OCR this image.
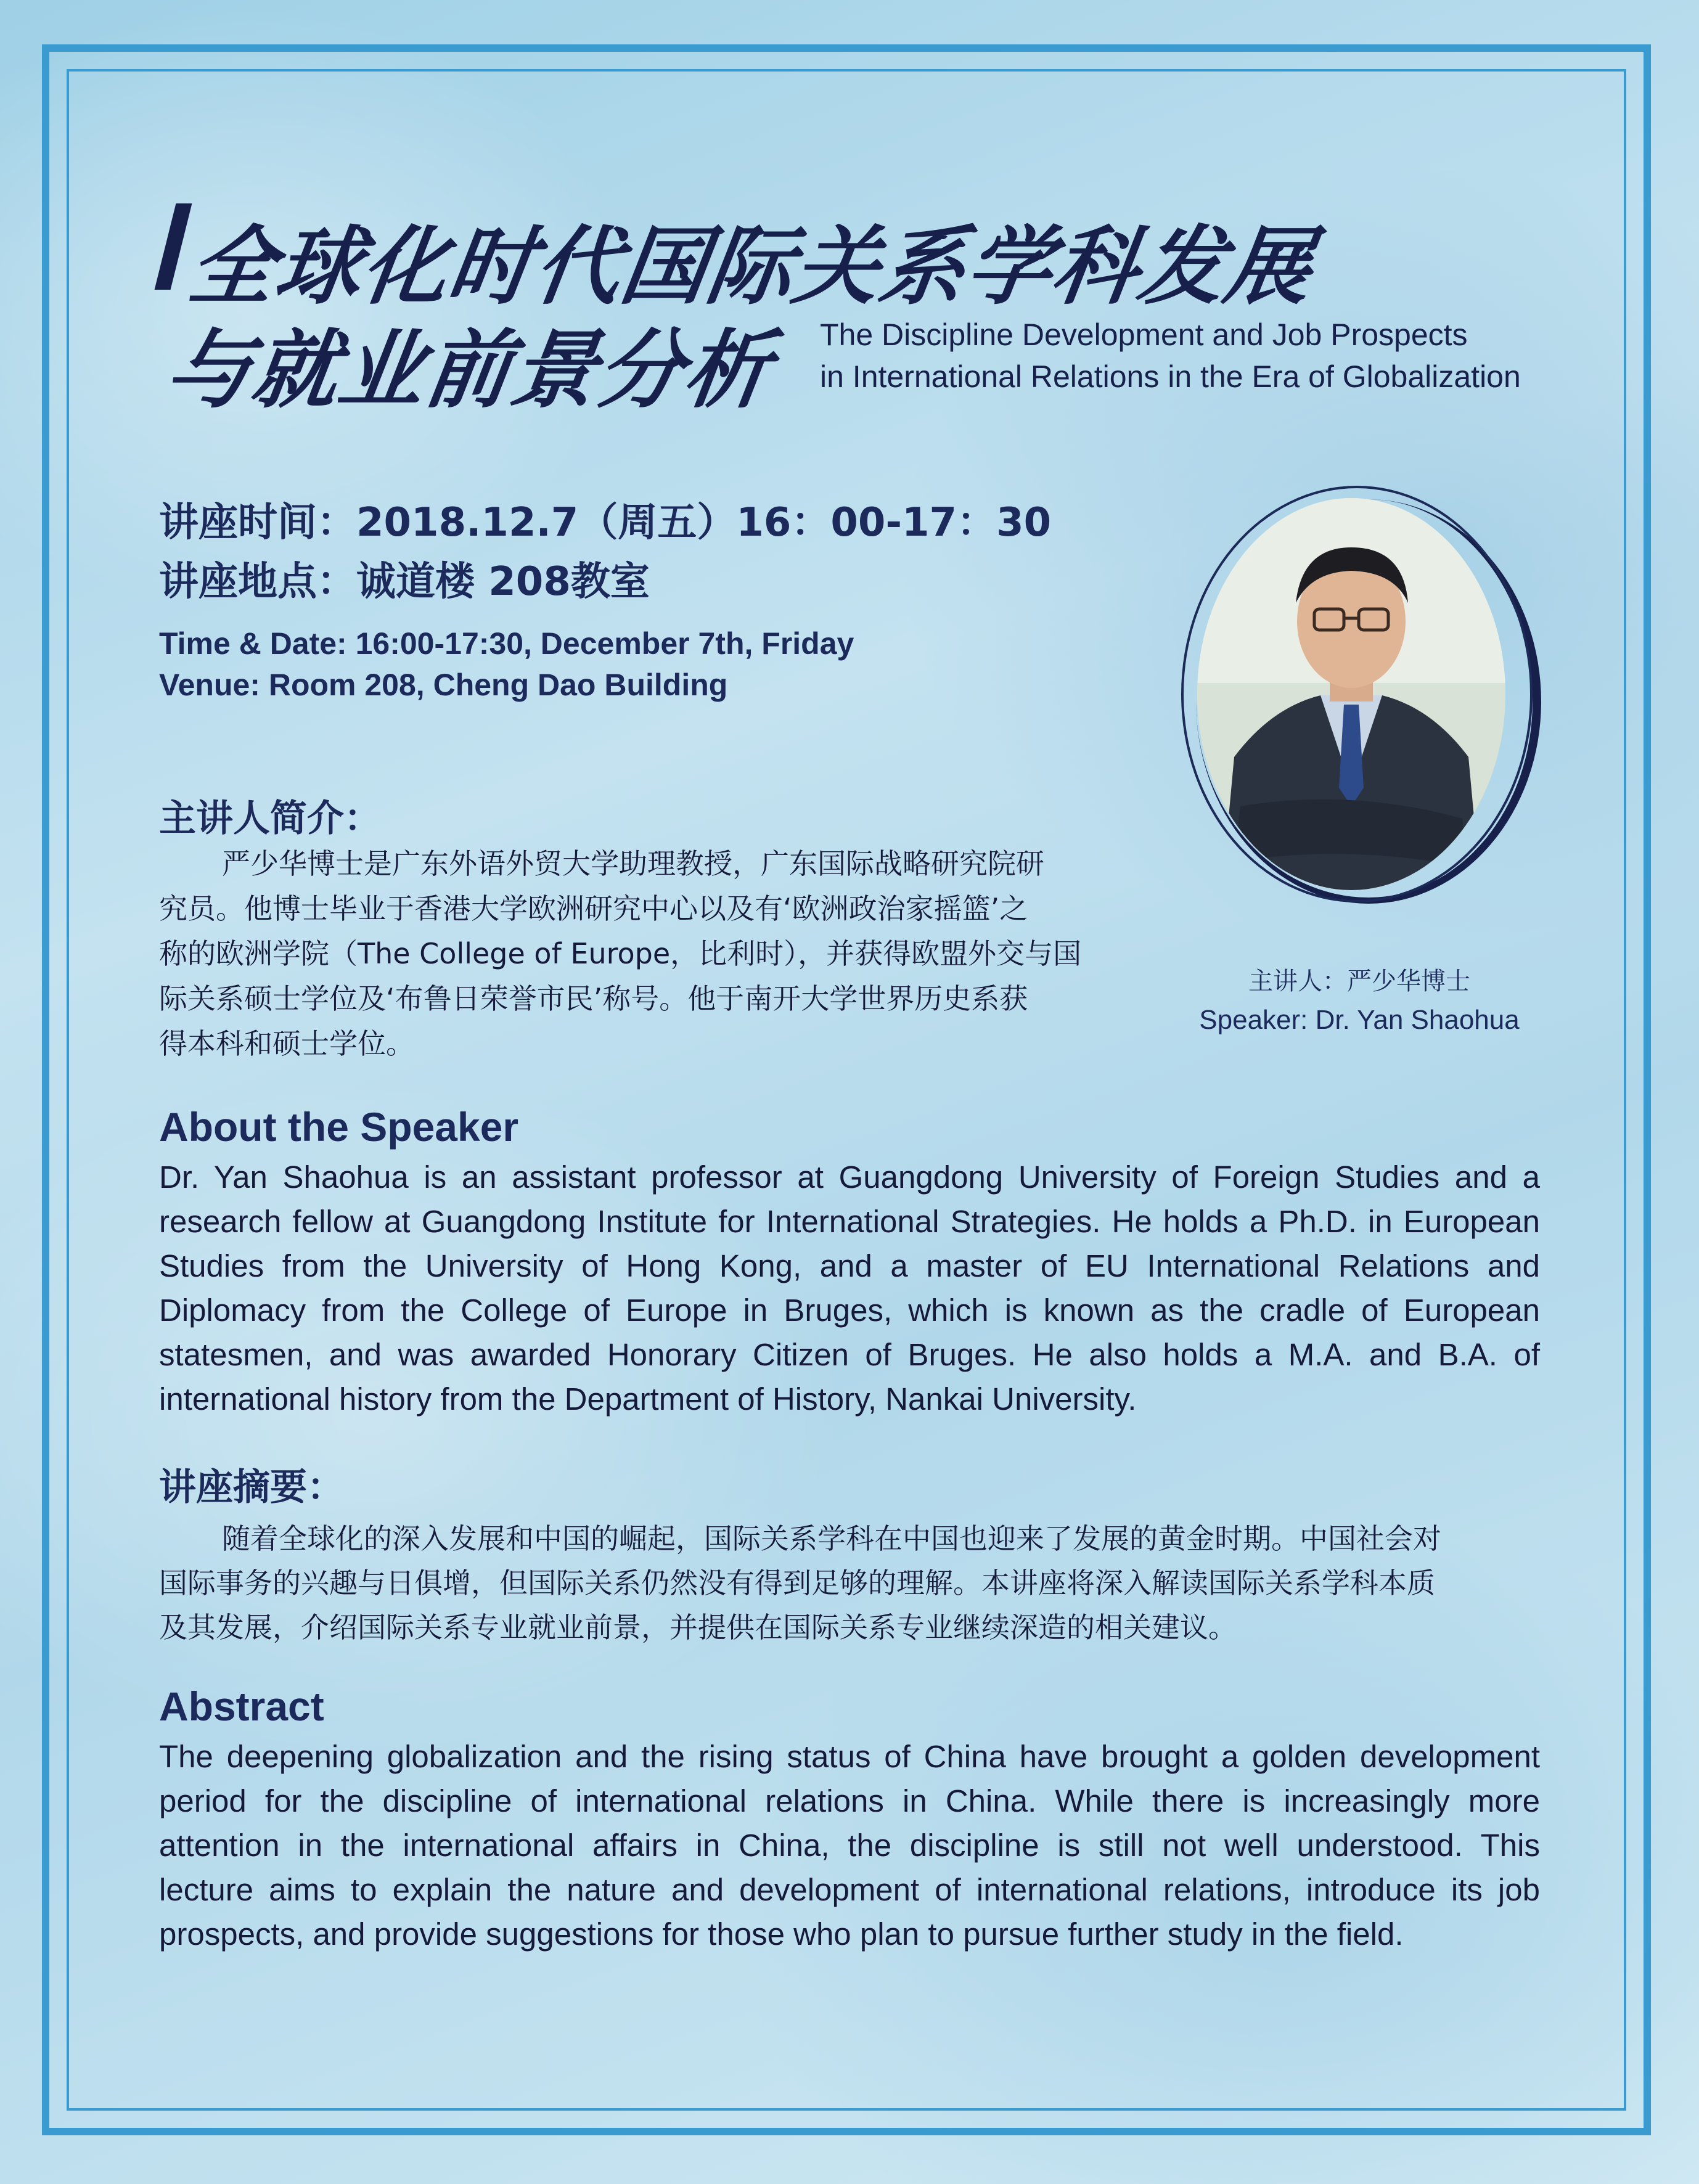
全球化时代国际关系学科发展
与就业前景分析 The Discipline Development and Job Prospects
in International Relations in the Era of Globalization
讲座时间：2018.12.7（周五）16：00-17：30
讲座地点：诚道楼 208教室
Time & Date: 16:00-17:30, December 7th, Friday
Venue: Room 208, Cheng Dao Building
主讲人：严少华博士
Speaker: Dr. Yan Shaohua
主讲人简介：
严少华博士是广东外语外贸大学助理教授，广东国际战略研究院研
究员。他博士毕业于香港大学欧洲研究中心以及有‘欧洲政治家摇篮’之
称的欧洲学院（The College of Europe，比利时），并获得欧盟外交与国
际关系硕士学位及‘布鲁日荣誉市民’称号。他于南开大学世界历史系获
得本科和硕士学位。
About the Speaker
Dr. Yan Shaohua is an assistant professor at Guangdong University of Foreign Studies and a
research fellow at Guangdong Institute for International Strategies. He holds a Ph.D. in European
Studies from the University of Hong Kong, and a master of EU International Relations and
Diplomacy from the College of Europe in Bruges, which is known as the cradle of European
statesmen, and was awarded Honorary Citizen of Bruges. He also holds a M.A. and B.A. of
international history from the Department of History, Nankai University.
讲座摘要：
随着全球化的深入发展和中国的崛起，国际关系学科在中国也迎来了发展的黄金时期。中国社会对
国际事务的兴趣与日俱增，但国际关系仍然没有得到足够的理解。本讲座将深入解读国际关系学科本质
及其发展，介绍国际关系专业就业前景，并提供在国际关系专业继续深造的相关建议。
Abstract
The deepening globalization and the rising status of China have brought a golden development
period for the discipline of international relations in China. While there is increasingly more
attention in the international affairs in China, the discipline is still not well understood. This
lecture aims to explain the nature and development of international relations, introduce its job
prospects, and provide suggestions for those who plan to pursue further study in the field.
